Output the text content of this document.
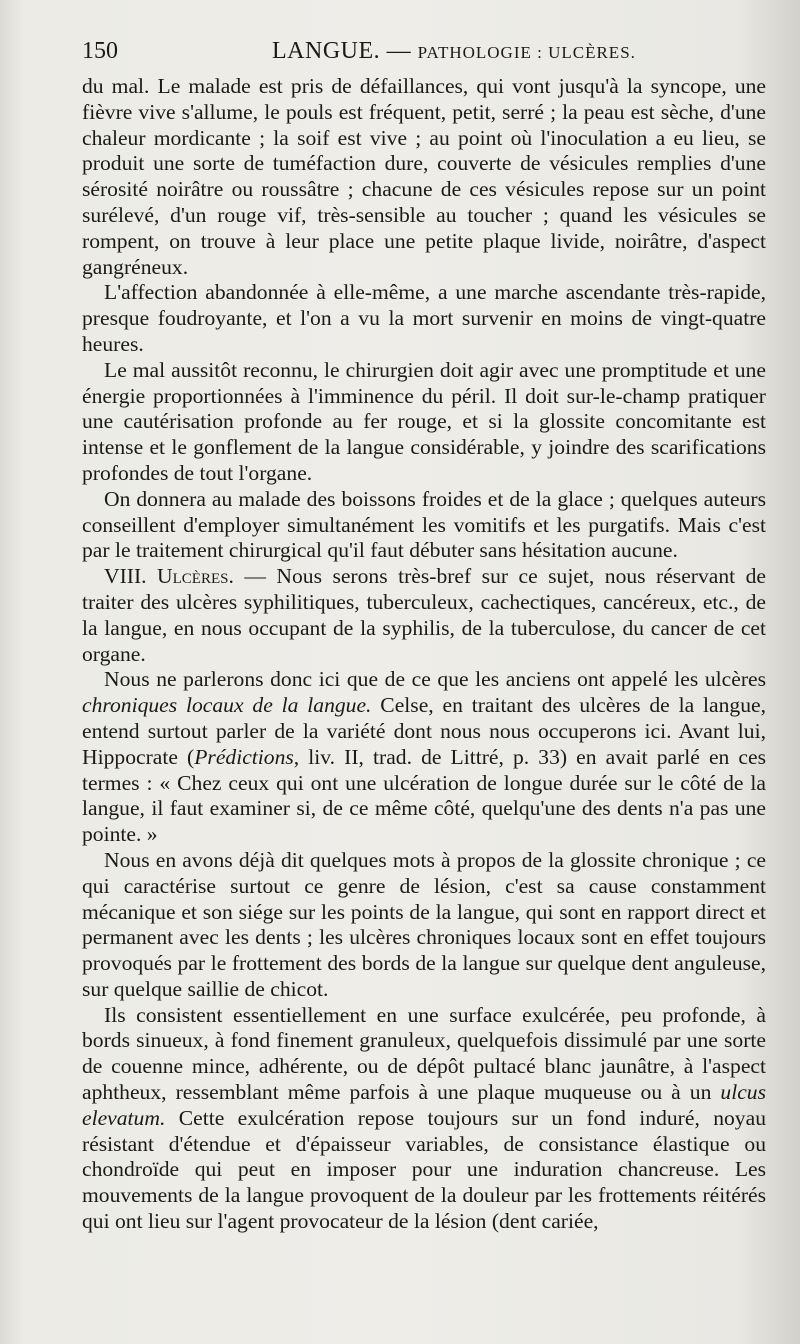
150	LANGUE. — PATHOLOGIE : ULCÈRES.

du mal. Le malade est pris de défaillances, qui vont jusqu'à la syncope, une fièvre vive s'allume, le pouls est fréquent, petit, serré ; la peau est sèche, d'une chaleur mordicante ; la soif est vive ; au point où l'inoculation a eu lieu, se produit une sorte de tuméfaction dure, couverte de vésicules remplies d'une sérosité noirâtre ou roussâtre ; chacune de ces vésicules repose sur un point surélevé, d'un rouge vif, très-sensible au toucher ; quand les vésicules se rompent, on trouve à leur place une petite plaque livide, noirâtre, d'aspect gangréneux.

L'affection abandonnée à elle-même, a une marche ascendante très-rapide, presque foudroyante, et l'on a vu la mort survenir en moins de vingt-quatre heures.

Le mal aussitôt reconnu, le chirurgien doit agir avec une promptitude et une énergie proportionnées à l'imminence du péril. Il doit sur-le-champ pratiquer une cautérisation profonde au fer rouge, et si la glossite concomitante est intense et le gonflement de la langue considérable, y joindre des scarifications profondes de tout l'organe.

On donnera au malade des boissons froides et de la glace ; quelques auteurs conseillent d'employer simultanément les vomitifs et les purgatifs. Mais c'est par le traitement chirurgical qu'il faut débuter sans hésitation aucune.

VIII. Ulcères. — Nous serons très-bref sur ce sujet, nous réservant de traiter des ulcères syphilitiques, tuberculeux, cachectiques, cancéreux, etc., de la langue, en nous occupant de la syphilis, de la tuberculose, du cancer de cet organe.

Nous ne parlerons donc ici que de ce que les anciens ont appelé les ulcères chroniques locaux de la langue. Celse, en traitant des ulcères de la langue, entend surtout parler de la variété dont nous nous occuperons ici. Avant lui, Hippocrate (Prédictions, liv. II, trad. de Littré, p. 33) en avait parlé en ces termes : « Chez ceux qui ont une ulcération de longue durée sur le côté de la langue, il faut examiner si, de ce même côté, quelqu'une des dents n'a pas une pointe. »

Nous en avons déjà dit quelques mots à propos de la glossite chronique ; ce qui caractérise surtout ce genre de lésion, c'est sa cause constamment mécanique et son siége sur les points de la langue, qui sont en rapport direct et permanent avec les dents ; les ulcères chroniques locaux sont en effet toujours provoqués par le frottement des bords de la langue sur quelque dent anguleuse, sur quelque saillie de chicot.

Ils consistent essentiellement en une surface exulcérée, peu profonde, à bords sinueux, à fond finement granuleux, quelquefois dissimulé par une sorte de couenne mince, adhérente, ou de dépôt pultacé blanc jaunâtre, à l'aspect aphtheux, ressemblant même parfois à une plaque muqueuse ou à un ulcus elevatum. Cette exulcération repose toujours sur un fond induré, noyau résistant d'étendue et d'épaisseur variables, de consistance élastique ou chondroïde qui peut en imposer pour une induration chancreuse. Les mouvements de la langue provoquent de la douleur par les frottements réitérés qui ont lieu sur l'agent provocateur de la lésion (dent cariée,
